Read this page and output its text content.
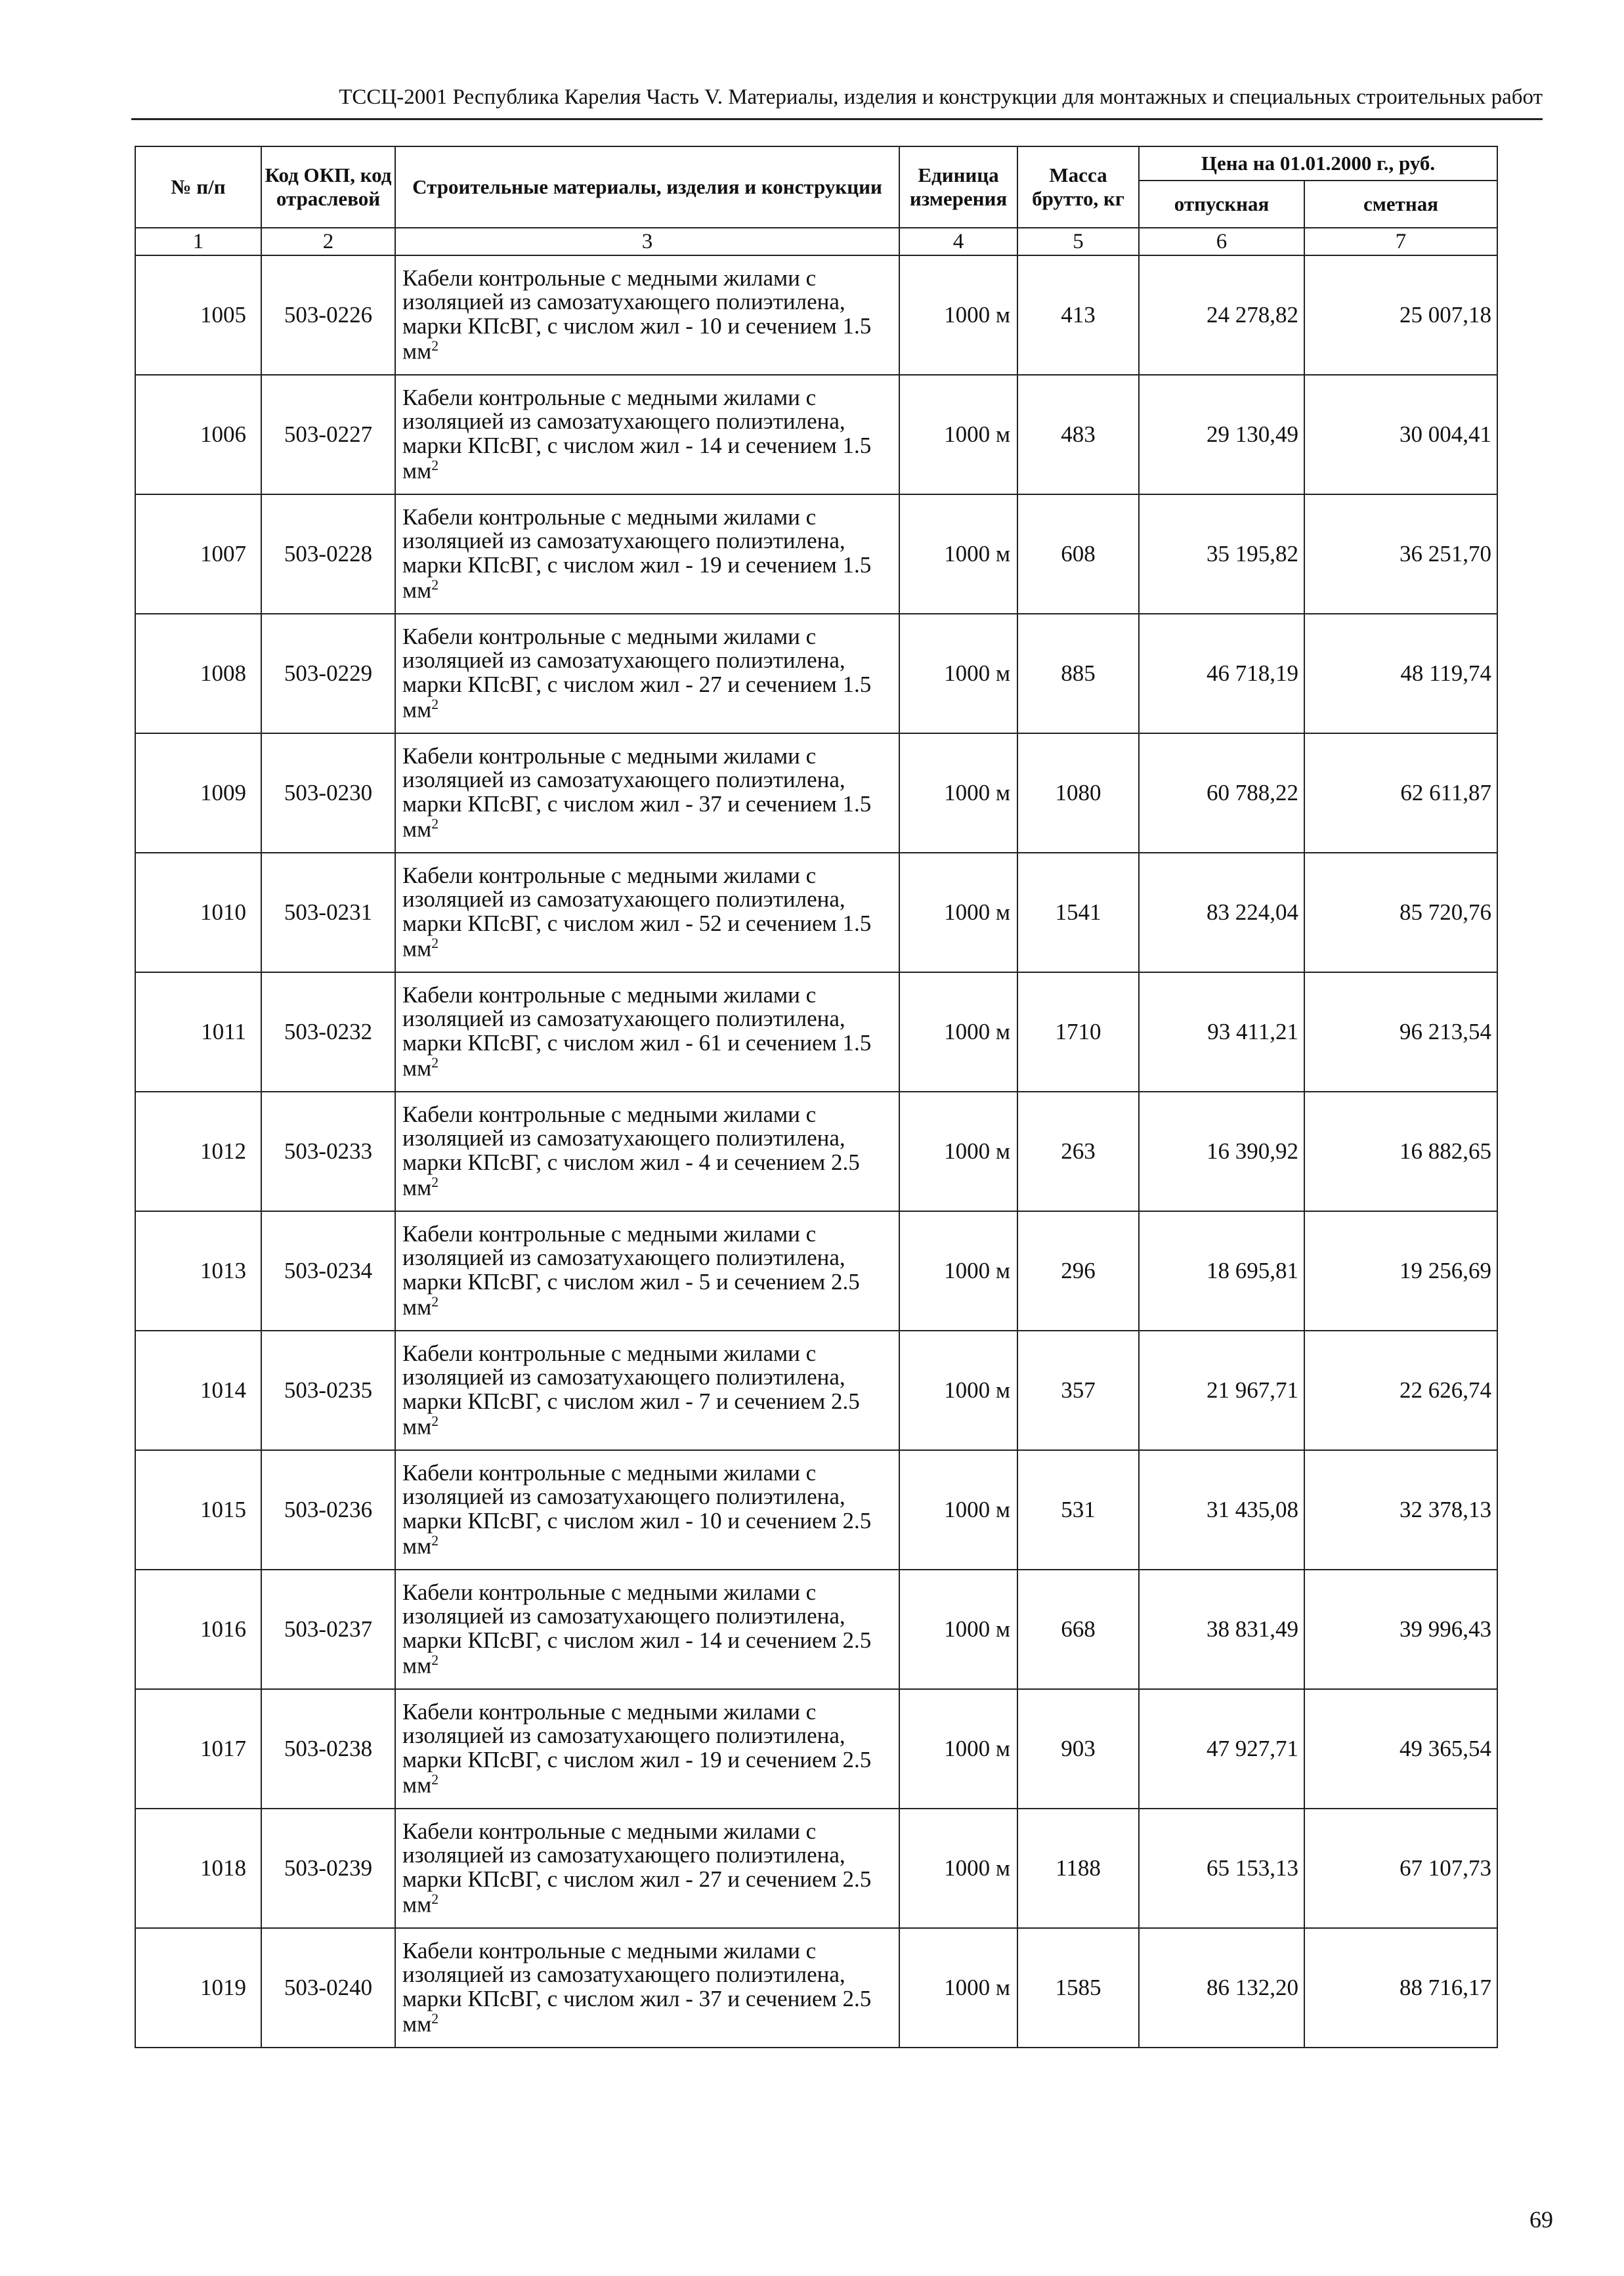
ТССЦ-2001 Республика Карелия Часть V. Материалы, изделия и конструкции для монтажных и специальных строительных работ
№ п/п	Код ОКП, код отраслевой	Строительные материалы, изделия и конструкции	Единица измерения	Масса брутто, кг	Цена на 01.01.2000 г., руб.	
					отпускная	сметная
1	2	3	4	5	6	7
1005	503-0226	Кабели контрольные с медными жилами с изоляцией из самозатухающего полиэтилена, марки КПсВГ, с числом жил - 10 и сечением 1.5 $мм^2$	1000 м	413	24 278,82	25 007,18
1006	503-0227	Кабели контрольные с медными жилами с изоляцией из самозатухающего полиэтилена, марки КПсВГ, с числом жил - 14 и сечением 1.5 $мм^2$	1000 м	483	29 130,49	30 004,41
1007	503-0228	Кабели контрольные с медными жилами с изоляцией из самозатухающего полиэтилена, марки КПсВГ, с числом жил - 19 и сечением 1.5 $мм^2$	1000 м	608	35 195,82	36 251,70
1008	503-0229	Кабели контрольные с медными жилами с изоляцией из самозатухающего полиэтилена, марки КПсВГ, с числом жил - 27 и сечением 1.5 $мм^2$	1000 м	885	46 718,19	48 119,74
1009	503-0230	Кабели контрольные с медными жилами с изоляцией из самозатухающего полиэтилена, марки КПсВГ, с числом жил - 37 и сечением 1.5 $мм^2$	1000 м	1080	60 788,22	62 611,87
1010	503-0231	Кабели контрольные с медными жилами с изоляцией из самозатухающего полиэтилена, марки КПсВГ, с числом жил - 52 и сечением 1.5 $мм^2$	1000 м	1541	83 224,04	85 720,76
1011	503-0232	Кабели контрольные с медными жилами с изоляцией из самозатухающего полиэтилена, марки КПсВГ, с числом жил - 61 и сечением 1.5 $мм^2$	1000 м	1710	93 411,21	96 213,54
1012	503-0233	Кабели контрольные с медными жилами с изоляцией из самозатухающего полиэтилена, марки КПсВГ, с числом жил - 4 и сечением 2.5 $мм^2$	1000 м	263	16 390,92	16 882,65
1013	503-0234	Кабели контрольные с медными жилами с изоляцией из самозатухающего полиэтилена, марки КПсВГ, с числом жил - 5 и сечением 2.5 $мм^2$	1000 м	296	18 695,81	19 256,69
1014	503-0235	Кабели контрольные с медными жилами с изоляцией из самозатухающего полиэтилена, марки КПсВГ, с числом жил - 7 и сечением 2.5 $мм^2$	1000 м	357	21 967,71	22 626,74
1015	503-0236	Кабели контрольные с медными жилами с изоляцией из самозатухающего полиэтилена, марки КПсВГ, с числом жил - 10 и сечением 2.5 $мм^2$	1000 м	531	31 435,08	32 378,13
1016	503-0237	Кабели контрольные с медными жилами с изоляцией из самозатухающего полиэтилена, марки КПсВГ, с числом жил - 14 и сечением 2.5 $мм^2$	1000 м	668	38 831,49	39 996,43
1017	503-0238	Кабели контрольные с медными жилами с изоляцией из самозатухающего полиэтилена, марки КПсВГ, с числом жил - 19 и сечением 2.5 $мм^2$	1000 м	903	47 927,71	49 365,54
1018	503-0239	Кабели контрольные с медными жилами с изоляцией из самозатухающего полиэтилена, марки КПсВГ, с числом жил - 27 и сечением 2.5 $мм^2$	1000 м	1188	65 153,13	67 107,73
1019	503-0240	Кабели контрольные с медными жилами с изоляцией из самозатухающего полиэтилена, марки КПсВГ, с числом жил - 37 и сечением 2.5 $мм^2$	1000 м	1585	86 132,20	88 716,17
69
